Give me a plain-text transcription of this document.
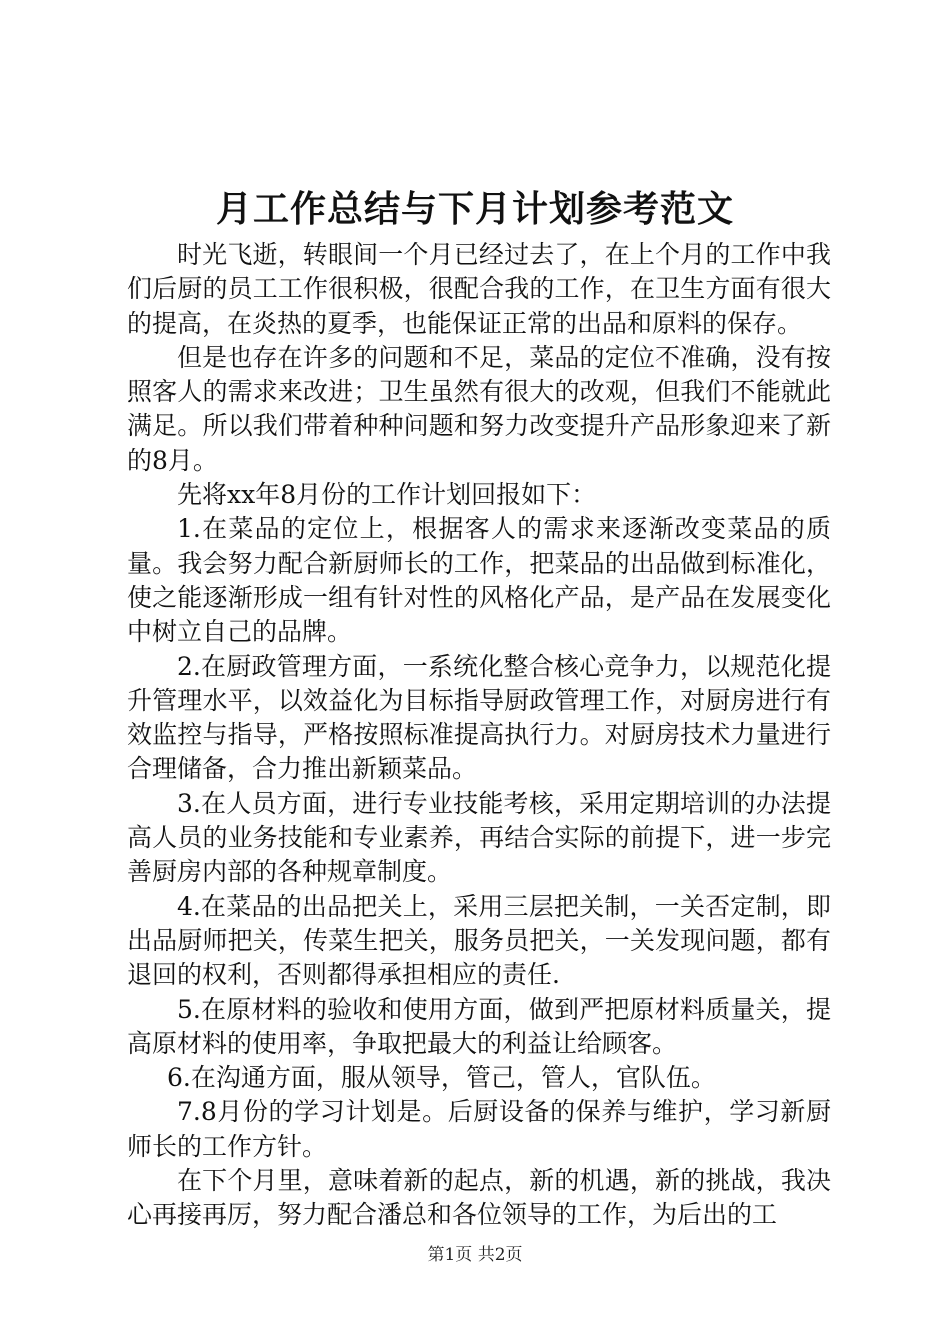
月工作总结与下月计划参考范文

时光飞逝，转眼间一个月已经过去了，在上个月的工作中我们后厨的员工工作很积极，很配合我的工作，在卫生方面有很大的提高，在炎热的夏季，也能保证正常的出品和原料的保存。

但是也存在许多的问题和不足，菜品的定位不准确，没有按照客人的需求来改进；卫生虽然有很大的改观，但我们不能就此满足。所以我们带着种种问题和努力改变提升产品形象迎来了新的8月。

先将xx年8月份的工作计划回报如下：

1.在菜品的定位上，根据客人的需求来逐渐改变菜品的质量。我会努力配合新厨师长的工作，把菜品的出品做到标准化，使之能逐渐形成一组有针对性的风格化产品，是产品在发展变化中树立自己的品牌。

2.在厨政管理方面，一系统化整合核心竞争力，以规范化提升管理水平，以效益化为目标指导厨政管理工作，对厨房进行有效监控与指导，严格按照标准提高执行力。对厨房技术力量进行合理储备，合力推出新颖菜品。

3.在人员方面，进行专业技能考核，采用定期培训的办法提高人员的业务技能和专业素养，再结合实际的前提下，进一步完善厨房内部的各种规章制度。

4.在菜品的出品把关上，采用三层把关制，一关否定制，即出品厨师把关，传菜生把关，服务员把关，一关发现问题，都有退回的权利，否则都得承担相应的责任.

5.在原材料的验收和使用方面，做到严把原材料质量关，提高原材料的使用率，争取把最大的利益让给顾客。

6.在沟通方面，服从领导，管己，管人，官队伍。

7.8月份的学习计划是。后厨设备的保养与维护，学习新厨师长的工作方针。

在下个月里，意味着新的起点，新的机遇，新的挑战，我决心再接再厉，努力配合潘总和各位领导的工作，为后出的工

第1页 共2页
